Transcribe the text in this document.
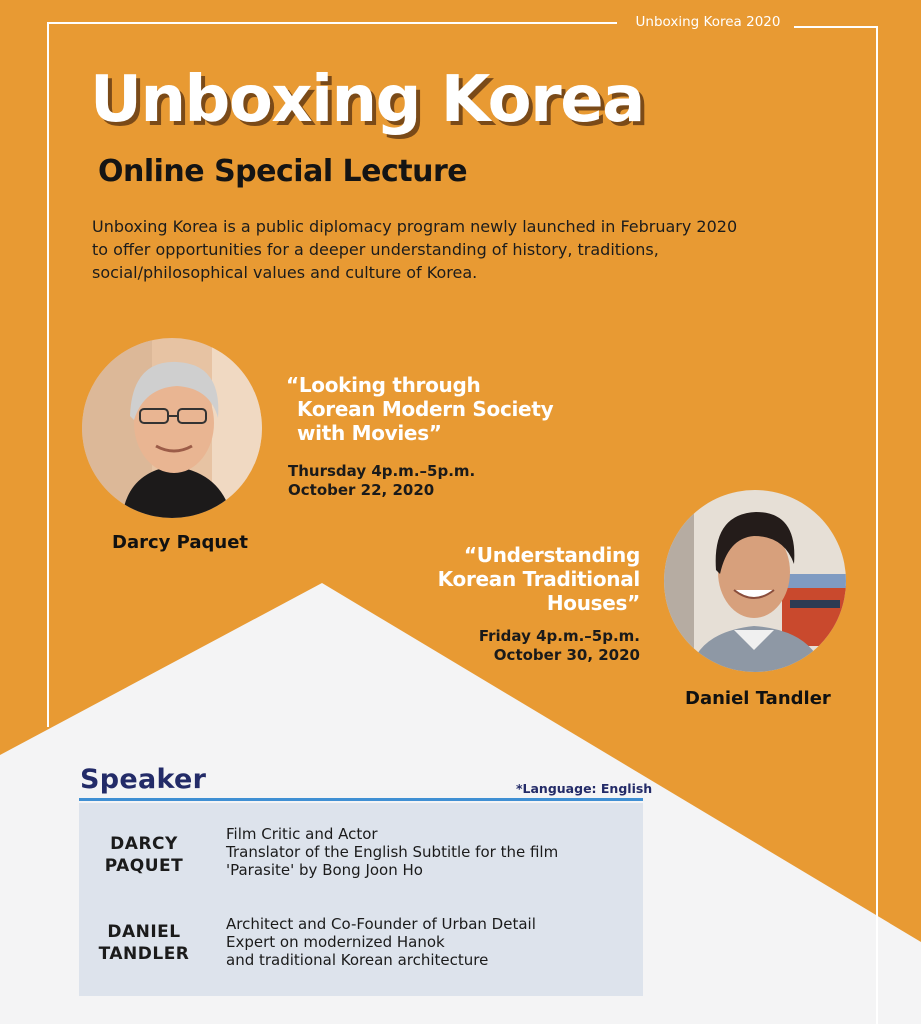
Unboxing Korea 2020
Unboxing Korea
Online Special Lecture
Unboxing Korea is a public diplomacy program newly launched in February 2020
to offer opportunities for a deeper understanding of history, traditions,
social/philosophical values and culture of Korea.
“Looking through
Korean Modern Society
with Movies”
Thursday 4p.m.–5p.m.
October 22, 2020
Darcy Paquet
“Understanding
Korean Traditional
Houses”
Friday 4p.m.–5p.m.
October 30, 2020
Daniel Tandler
Speaker	*Language: English
DARCY
PAQUET
Film Critic and Actor
Translator of the English Subtitle for the film
'Parasite' by Bong Joon Ho
DANIEL
TANDLER
Architect and Co-Founder of Urban Detail
Expert on modernized Hanok
and traditional Korean architecture
